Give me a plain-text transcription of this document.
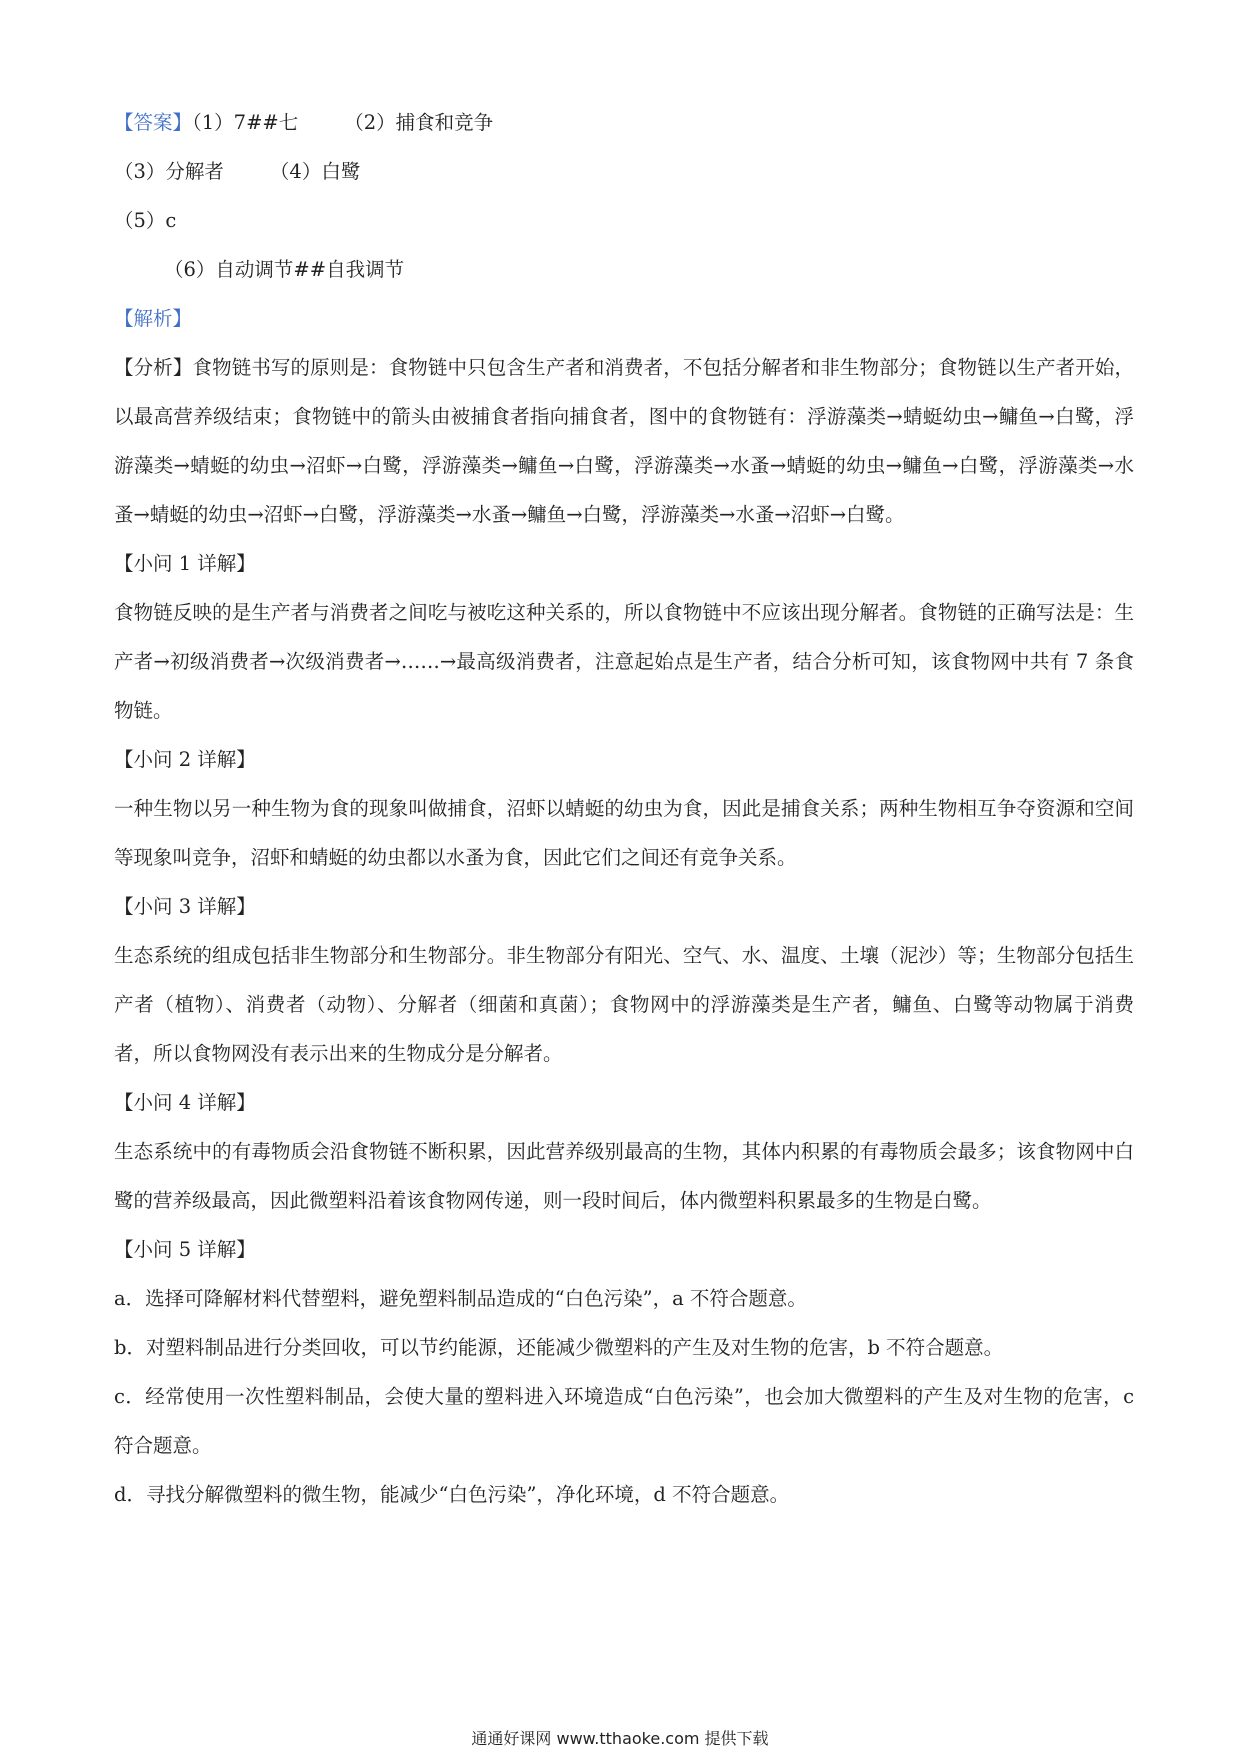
【答案】（1）7##七 （2）捕食和竞争
（3）分解者 （4）白鹭
（5）c
（6）自动调节##自我调节
【解析】
【分析】食物链书写的原则是：食物链中只包含生产者和消费者，不包括分解者和非生物部分；食物链以生产者开始，以最高营养级结束；食物链中的箭头由被捕食者指向捕食者，图中的食物链有：浮游藻类→蜻蜓幼虫→鳙鱼→白鹭，浮游藻类→蜻蜓的幼虫→沼虾→白鹭，浮游藻类→鳙鱼→白鹭，浮游藻类→水蚤→蜻蜓的幼虫→鳙鱼→白鹭，浮游藻类→水蚤→蜻蜓的幼虫→沼虾→白鹭，浮游藻类→水蚤→鳙鱼→白鹭，浮游藻类→水蚤→沼虾→白鹭。
【小问 1 详解】
食物链反映的是生产者与消费者之间吃与被吃这种关系的，所以食物链中不应该出现分解者。食物链的正确写法是：生产者→初级消费者→次级消费者→……→最高级消费者，注意起始点是生产者，结合分析可知，该食物网中共有 7 条食物链。
【小问 2 详解】
一种生物以另一种生物为食的现象叫做捕食，沼虾以蜻蜓的幼虫为食，因此是捕食关系；两种生物相互争夺资源和空间等现象叫竞争，沼虾和蜻蜓的幼虫都以水蚤为食，因此它们之间还有竞争关系。
【小问 3 详解】
生态系统的组成包括非生物部分和生物部分。非生物部分有阳光、空气、水、温度、土壤（泥沙）等；生物部分包括生产者（植物）、消费者（动物）、分解者（细菌和真菌）；食物网中的浮游藻类是生产者，鳙鱼、白鹭等动物属于消费者，所以食物网没有表示出来的生物成分是分解者。
【小问 4 详解】
生态系统中的有毒物质会沿食物链不断积累，因此营养级别最高的生物，其体内积累的有毒物质会最多；该食物网中白鹭的营养级最高，因此微塑料沿着该食物网传递，则一段时间后，体内微塑料积累最多的生物是白鹭。
【小问 5 详解】
a．选择可降解材料代替塑料，避免塑料制品造成的“白色污染”，a 不符合题意。
b．对塑料制品进行分类回收，可以节约能源，还能减少微塑料的产生及对生物的危害，b 不符合题意。
c．经常使用一次性塑料制品，会使大量的塑料进入环境造成“白色污染”，也会加大微塑料的产生及对生物的危害，c 符合题意。
d．寻找分解微塑料的微生物，能减少“白色污染”，净化环境，d 不符合题意。
通通好课网 www.tthaoke.com 提供下载
